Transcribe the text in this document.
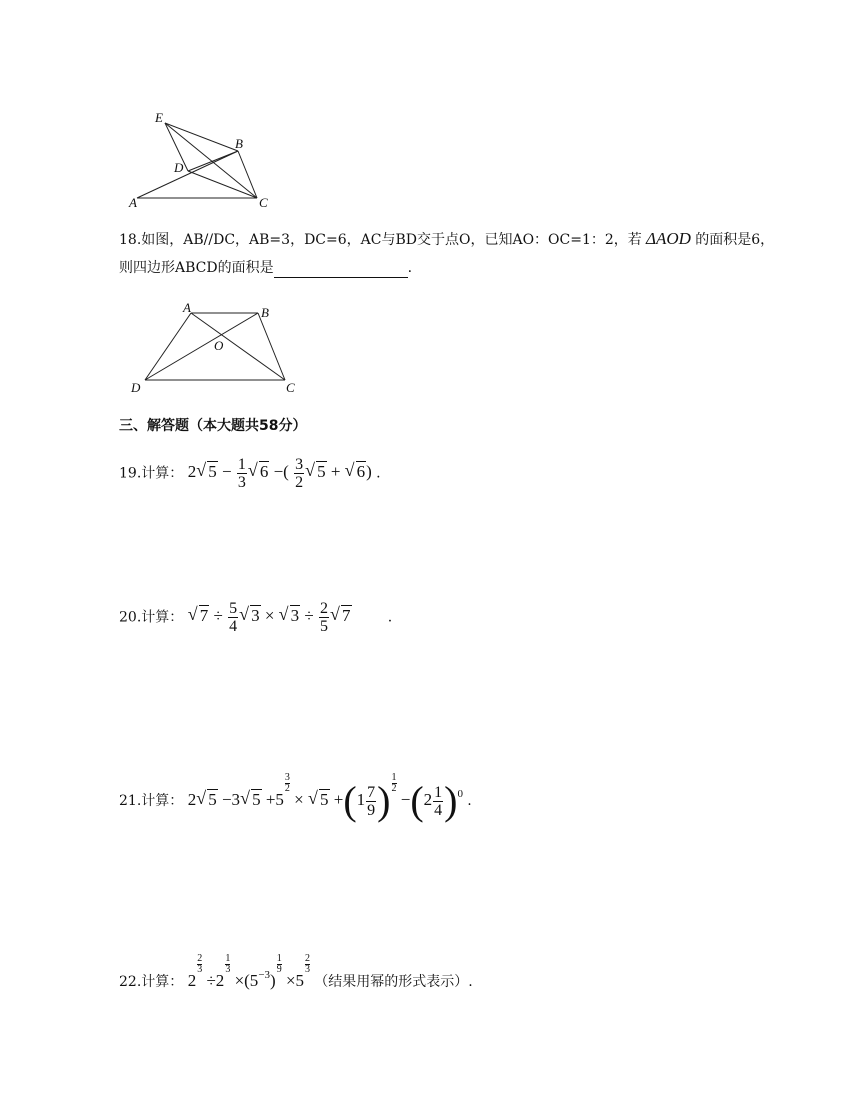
E
B
D
A	C
18.如图，AB//DC，AB=3，DC=6，AC与BD交于点O，已知AO：OC=1：2，若 ΔAOD 的面积是6，
则四边形ABCD的面积是	.
A	B
O
D	C
三、解答题（本大题共58分）
19.计算： 2 √ $5 - \frac{1}{3}$ √ 6 −( $\frac{3}{2}$ √ 5 + √ 6) .
20.计算： √ $7 \div \frac{5}{4}$ √ 3 × √ $3 \div \frac{2}{5}$ √ 7	.
21.计算： 2 √ 5 −3 √ 5 +5
$\frac{3}{2}$
× √ $5 +(1 \frac{7}{9}$ ) $\frac{1}{2}$
$-(2 \frac{1}{4} )^0$ .
22.计算： 2
$\frac{2}{3}$
÷2
$\frac{1}{3}$
$\times(5^{-3})$
$\frac{1}{9}$
×5
$\frac{2}{3}$
（结果用幂的形式表示）.
